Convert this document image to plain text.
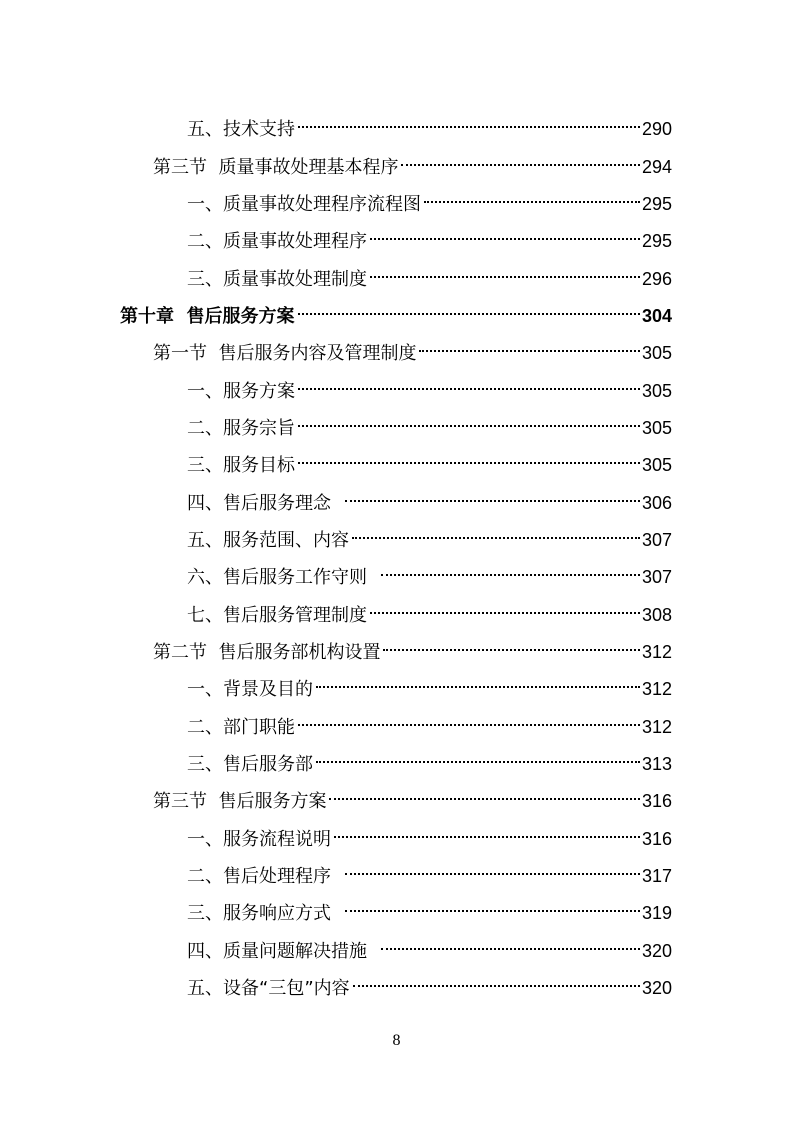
五、技术支持	290
第三节  质量事故处理基本程序	294
一、质量事故处理程序流程图	295
二、质量事故处理程序	295
三、质量事故处理制度	296
第十章  售后服务方案	304
第一节  售后服务内容及管理制度	305
一、服务方案	305
二、服务宗旨	305
三、服务目标	305
四、售后服务理念	306
五、服务范围、内容	307
六、售后服务工作守则	307
七、售后服务管理制度	308
第二节  售后服务部机构设置	312
一、背景及目的	312
二、部门职能	312
三、售后服务部	313
第三节  售后服务方案	316
一、服务流程说明	316
二、售后处理程序	317
三、服务响应方式	319
四、质量问题解决措施	320
五、设备“三包”内容	320
8
